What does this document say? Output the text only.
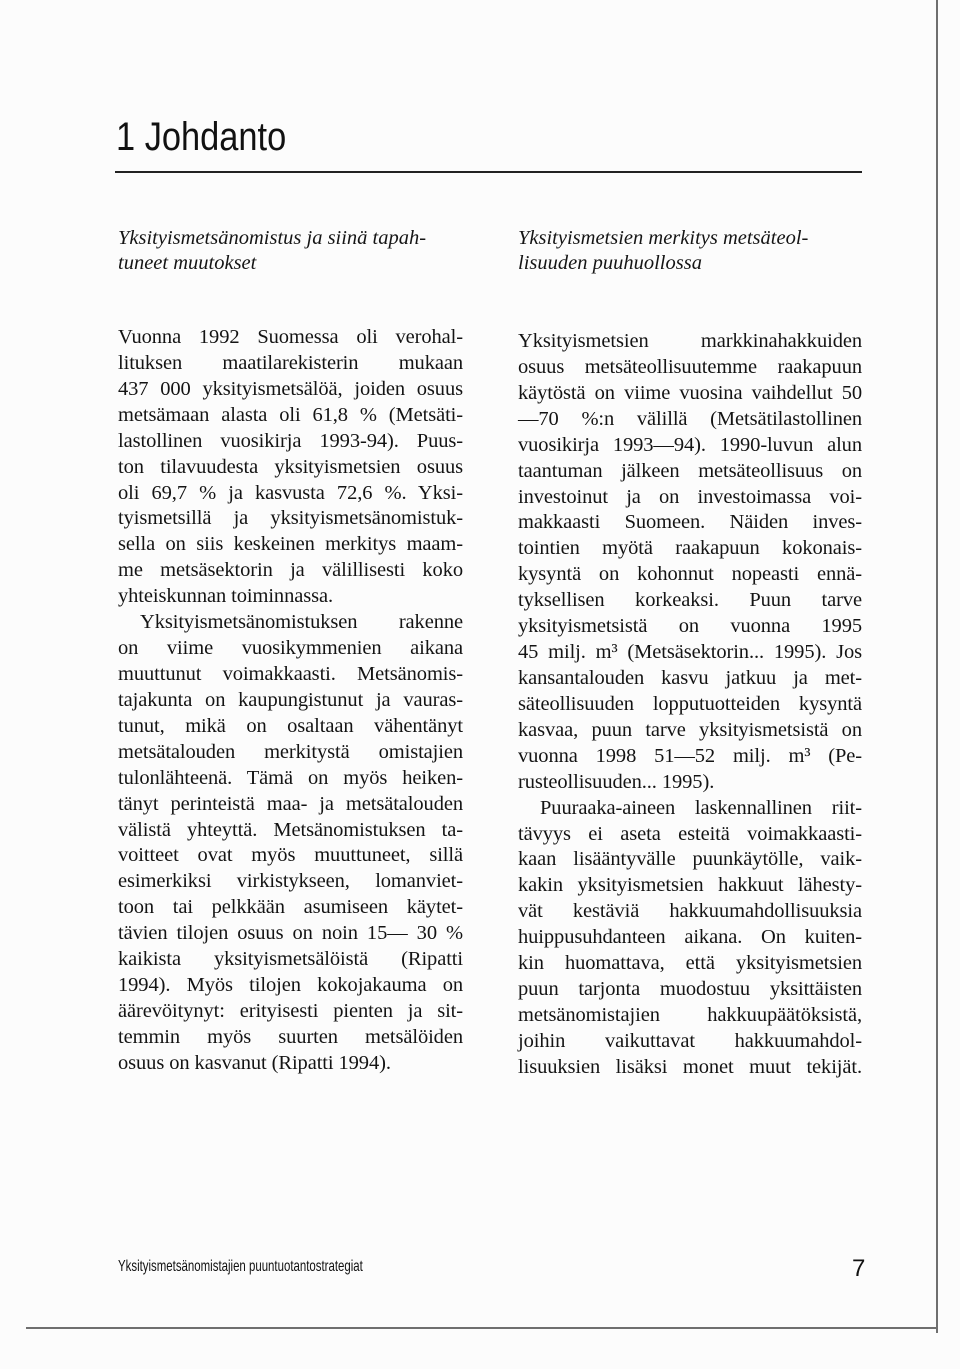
1 Johdanto
Yksityismetsänomistus ja siinä tapah-
tuneet muutokset
Yksityismetsien merkitys metsäteol-
lisuuden puuhuollossa
Vuonna 1992 Suomessa oli verohal-
lituksen maatilarekisterin mukaan
437 000 yksityismetsälöä, joiden osuus
metsämaan alasta oli 61,8 % (Metsäti-
lastollinen vuosikirja 1993-94). Puus-
ton tilavuudesta yksityismetsien osuus
oli 69,7 % ja kasvusta 72,6 %. Yksi-
tyismetsillä ja yksityismetsänomistuk-
sella on siis keskeinen merkitys maam-
me metsäsektorin ja välillisesti koko
yhteiskunnan toiminnassa.
Yksityismetsänomistuksen rakenne
on viime vuosikymmenien aikana
muuttunut voimakkaasti. Metsänomis-
tajakunta on kaupungistunut ja vauras-
tunut, mikä on osaltaan vähentänyt
metsätalouden merkitystä omistajien
tulonlähteenä. Tämä on myös heiken-
tänyt perinteistä maa- ja metsätalouden
välistä yhteyttä. Metsänomistuksen ta-
voitteet ovat myös muuttuneet, sillä
esimerkiksi virkistykseen, lomanviet-
toon tai pelkkään asumiseen käytet-
tävien tilojen osuus on noin 15— 30 %
kaikista yksityismetsälöistä (Ripatti
1994). Myös tilojen kokojakauma on
äärevöitynyt: erityisesti pienten ja sit-
temmin myös suurten metsälöiden
osuus on kasvanut (Ripatti 1994).
Yksityismetsien markkinahakkuiden
osuus metsäteollisuutemme raakapuun
käytöstä on viime vuosina vaihdellut 50
—70 %:n välillä (Metsätilastollinen
vuosikirja 1993—94). 1990-luvun alun
taantuman jälkeen metsäteollisuus on
investoinut ja on investoimassa voi-
makkaasti Suomeen. Näiden inves-
tointien myötä raakapuun kokonais-
kysyntä on kohonnut nopeasti ennä-
tyksellisen korkeaksi. Puun tarve
yksityismetsistä on vuonna 1995
45 milj. m³ (Metsäsektorin... 1995). Jos
kansantalouden kasvu jatkuu ja met-
säteollisuuden lopputuotteiden kysyntä
kasvaa, puun tarve yksityismetsistä on
vuonna 1998 51—52 milj. m³ (Pe-
rusteollisuuden... 1995).
Puuraaka-aineen laskennallinen riit-
tävyys ei aseta esteitä voimakkaasti-
kaan lisääntyvälle puunkäytölle, vaik-
kakin yksityismetsien hakkuut lähesty-
vät kestäviä hakkuumahdollisuuksia
huippusuhdanteen aikana. On kuiten-
kin huomattava, että yksityismetsien
puun tarjonta muodostuu yksittäisten
metsänomistajien hakkuupäätöksistä,
joihin vaikuttavat hakkuumahdol-
lisuuksien lisäksi monet muut tekijät.
Yksityismetsänomistajien puuntuotantostrategiat	7
